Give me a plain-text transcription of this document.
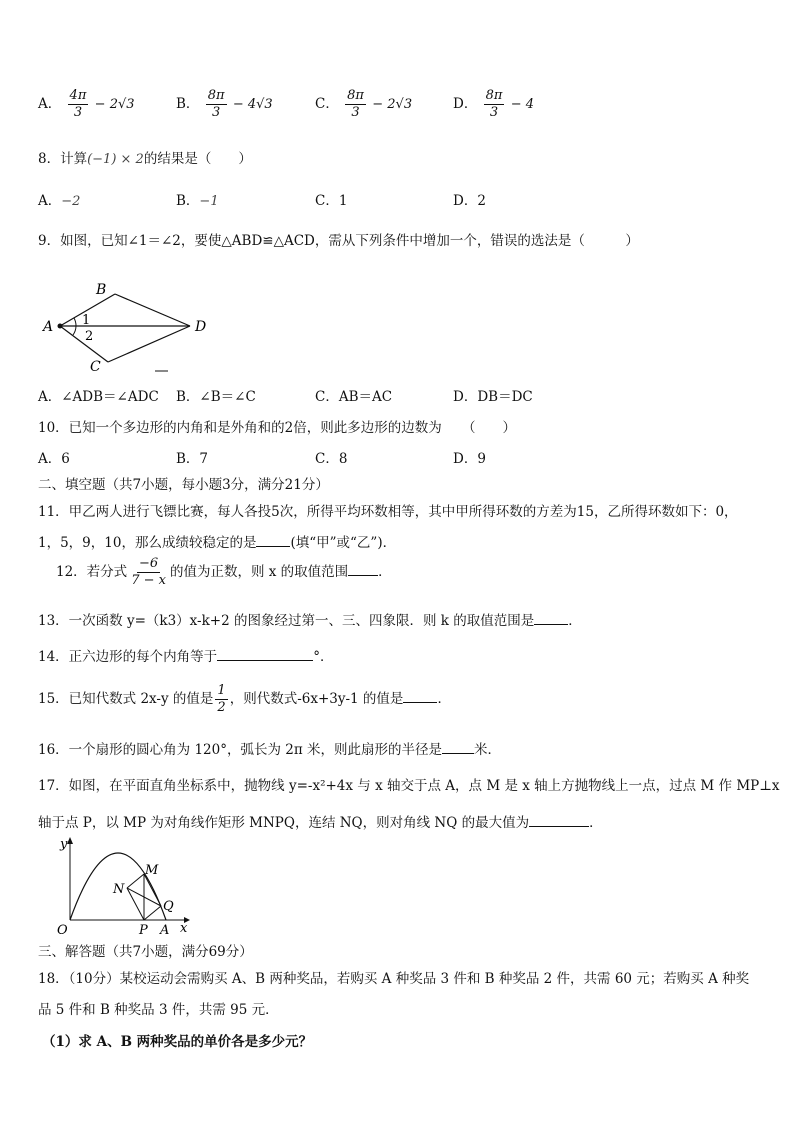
A． $\frac{4\pi}{3} - 2√3$	B． $\frac{8\pi}{3} - 4√3$	C． $\frac{8\pi}{3} - 2√3$	D． $\frac{8\pi}{3} - 4$
8．计算(−1) × 2的结果是（　　）
A．−2	B．−1	C．1	D．2
9．如图，已知∠1＝∠2，要使△ABD≌△ACD，需从下列条件中增加一个，错误的选法是（　　　）
A
B
C
D
1
2
A．∠ADB＝∠ADC B．∠B＝∠C	C．AB＝AC	D．DB＝DC
10．已知一个多边形的内角和是外角和的2倍，则此多边形的边数为　　（　　）
A．6	B．7	C．8	D．9
二、填空题（共7小题，每小题3分，满分21分）
11．甲乙两人进行飞镖比赛，每人各投5次，所得平均环数相等，其中甲所得环数的方差为15，乙所得环数如下：0，
1，5，9，10，那么成绩较稳定的是	(填“甲”或“乙”)．
12．若分式 $\frac{-6}{7 - x}$ 的值为正数，则 x 的取值范围 ．
13．一次函数 y=（k3）x-k+2 的图象经过第一、三、四象限．则 k 的取值范围是	．
14．正六边形的每个内角等于	°．
15．已知代数式 2x-y 的值是 $\frac{1}{2}$ ，则代数式-6x+3y-1 的值是	．
16．一个扇形的圆心角为 120°，弧长为 2π 米，则此扇形的半径是 米．
17．如图，在平面直角坐标系中，抛物线 y=-x²+4x 与 x 轴交于点 A，点 M 是 x 轴上方抛物线上一点，过点 M 作 MP⊥x
轴于点 P，以 MP 为对角线作矩形 MNPQ，连结 NQ，则对角线 NQ 的最大值为	．
y
x
O	P A
M
N
Q
三、解答题（共7小题，满分69分）
18．（10分）某校运动会需购买 A、B 两种奖品，若购买 A 种奖品 3 件和 B 种奖品 2 件，共需 60 元；若购买 A 种奖
品 5 件和 B 种奖品 3 件，共需 95 元．
（1）求 A、B 两种奖品的单价各是多少元？
